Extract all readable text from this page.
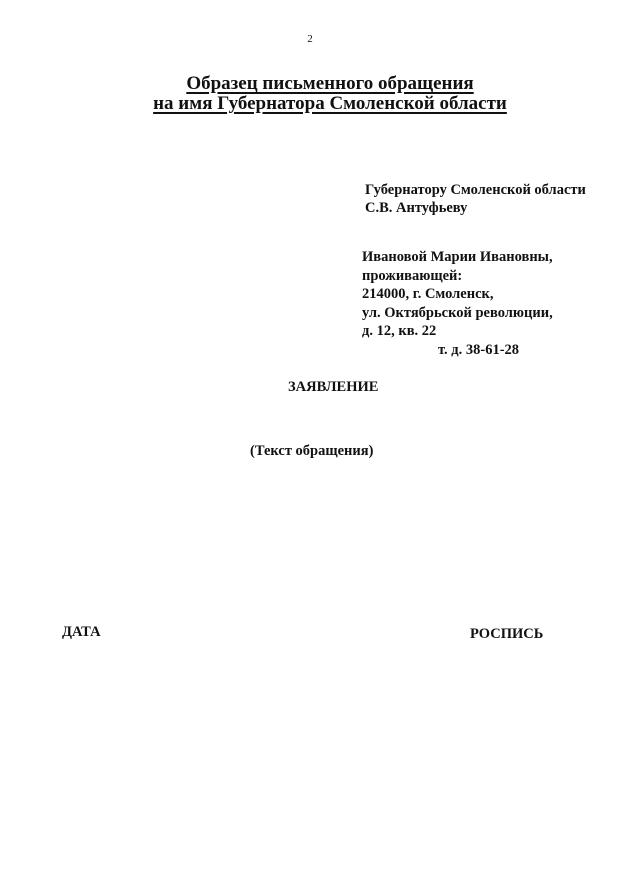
2
Образец письменного обращения
на имя Губернатора Смоленской области
Губернатору Смоленской области
С.В. Антуфьеву
Ивановой Марии Ивановны,
проживающей:
214000, г. Смоленск,
ул. Октябрьской революции,
д. 12, кв. 22
т. д. 38-61-28
ЗАЯВЛЕНИЕ
(Текст обращения)
ДАТА	РОСПИСЬ
